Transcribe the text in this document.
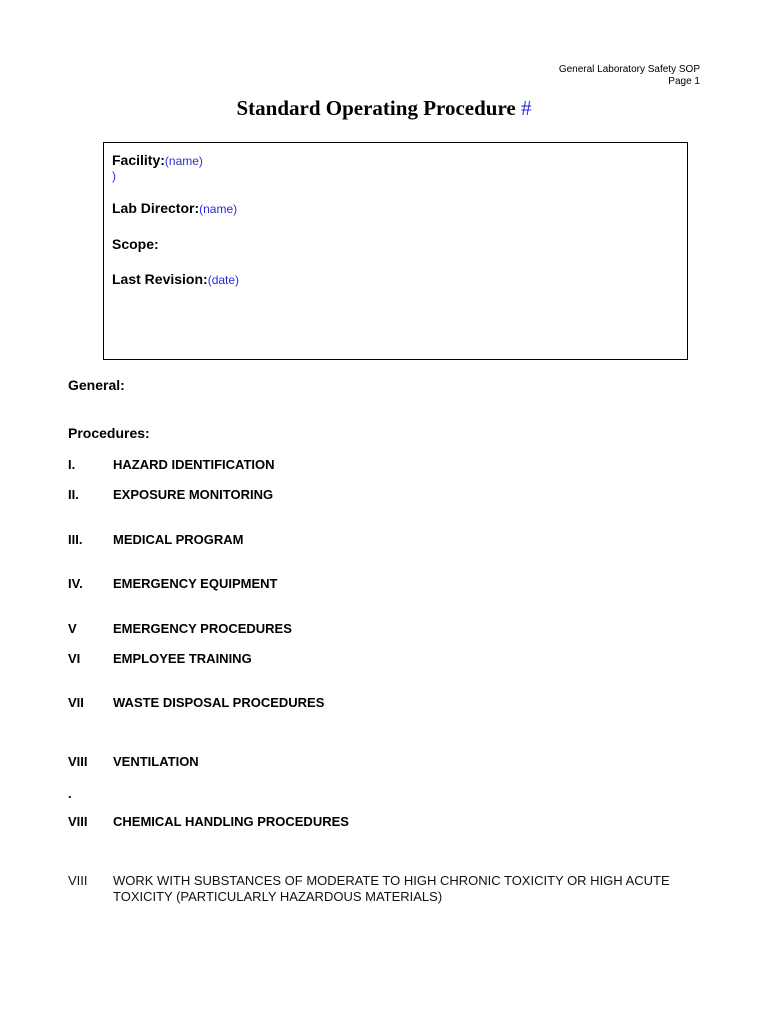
General Laboratory Safety SOP
Page 1
Standard Operating Procedure #
Facility:(name)
)
Lab Director:(name)
Scope:
Last Revision:(date)
General:
Procedures:
I.	HAZARD IDENTIFICATION
II.	EXPOSURE MONITORING
III.	MEDICAL PROGRAM
IV.	EMERGENCY EQUIPMENT
V	EMERGENCY PROCEDURES
VI	EMPLOYEE TRAINING
VII	WASTE DISPOSAL PROCEDURES
VIII	VENTILATION
.
VIII	CHEMICAL HANDLING PROCEDURES
VIII	WORK WITH SUBSTANCES OF MODERATE TO HIGH CHRONIC TOXICITY OR HIGH ACUTE TOXICITY (PARTICULARLY HAZARDOUS MATERIALS)
